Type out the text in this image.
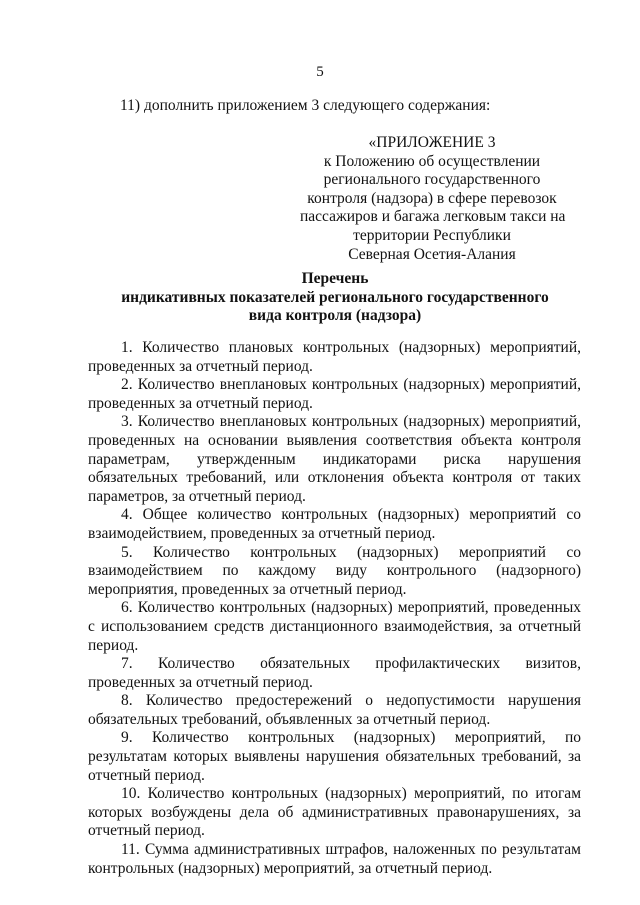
5
11) дополнить приложением 3 следующего содержания:
«ПРИЛОЖЕНИЕ 3
к Положению об осуществлении
регионального государственного
контроля (надзора) в сфере перевозок
пассажиров и багажа легковым такси на
территории Республики
Северная Осетия-Алания
Перечень
индикативных показателей регионального государственного
вида контроля (надзора)

1. Количество плановых контрольных (надзорных) мероприятий, проведенных за отчетный период.

2. Количество внеплановых контрольных (надзорных) мероприятий, проведенных за отчетный период.

3. Количество внеплановых контрольных (надзорных) мероприятий, проведенных на основании выявления соответствия объекта контроля параметрам, утвержденным индикаторами риска нарушения обязательных требований, или отклонения объекта контроля от таких параметров, за отчетный период.

4. Общее количество контрольных (надзорных) мероприятий со взаимодействием, проведенных за отчетный период.

5. Количество контрольных (надзорных) мероприятий со взаимодействием по каждому виду контрольного (надзорного) мероприятия, проведенных за отчетный период.

6. Количество контрольных (надзорных) мероприятий, проведенных с использованием средств дистанционного взаимодействия, за отчетный период.

7. Количество обязательных профилактических визитов, проведенных за отчетный период.

8. Количество предостережений о недопустимости нарушения обязательных требований, объявленных за отчетный период.

9. Количество контрольных (надзорных) мероприятий, по результатам которых выявлены нарушения обязательных требований, за отчетный период.

10. Количество контрольных (надзорных) мероприятий, по итогам которых возбуждены дела об административных правонарушениях, за отчетный период.

11. Сумма административных штрафов, наложенных по результатам контрольных (надзорных) мероприятий, за отчетный период.
